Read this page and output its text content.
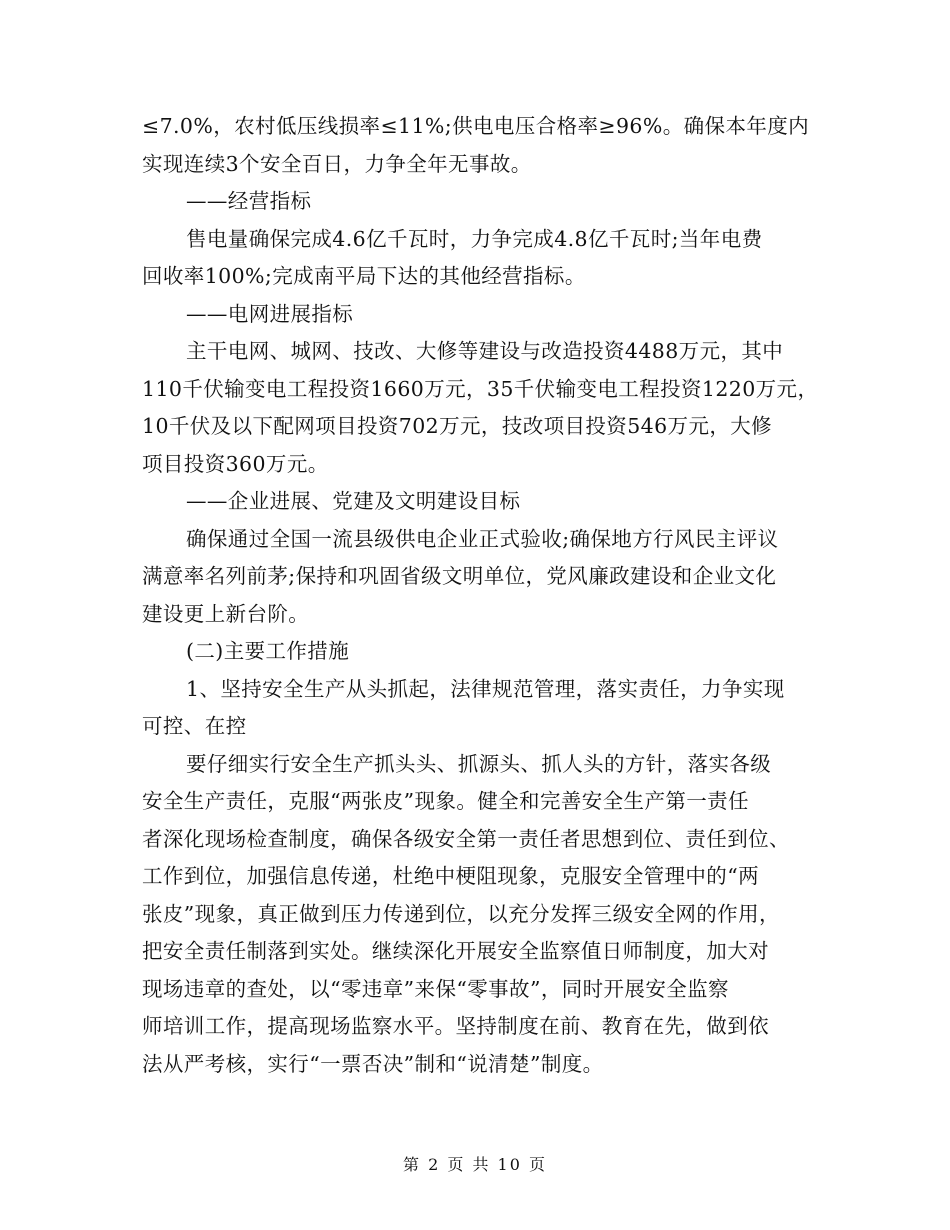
≤7.0%，农村低压线损率≤11%;供电电压合格率≥96%。确保本年度内

实现连续3个安全百日，力争全年无事故。

——经营指标

售电量确保完成4.6亿千瓦时，力争完成4.8亿千瓦时;当年电费

回收率100%;完成南平局下达的其他经营指标。

——电网进展指标

主干电网、城网、技改、大修等建设与改造投资4488万元，其中

110千伏输变电工程投资1660万元，35千伏输变电工程投资1220万元，

10千伏及以下配网项目投资702万元，技改项目投资546万元，大修

项目投资360万元。

——企业进展、党建及文明建设目标

确保通过全国一流县级供电企业正式验收;确保地方行风民主评议

满意率名列前茅;保持和巩固省级文明单位，党风廉政建设和企业文化

建设更上新台阶。

(二)主要工作措施

1、坚持安全生产从头抓起，法律规范管理，落实责任，力争实现

可控、在控

要仔细实行安全生产抓头头、抓源头、抓人头的方针，落实各级

安全生产责任，克服“两张皮”现象。健全和完善安全生产第一责任

者深化现场检查制度，确保各级安全第一责任者思想到位、责任到位、

工作到位，加强信息传递，杜绝中梗阻现象，克服安全管理中的“两

张皮”现象，真正做到压力传递到位，以充分发挥三级安全网的作用，

把安全责任制落到实处。继续深化开展安全监察值日师制度，加大对

现场违章的查处，以“零违章”来保“零事故”，同时开展安全监察

师培训工作，提高现场监察水平。坚持制度在前、教育在先，做到依

法从严考核，实行“一票否决”制和“说清楚”制度。

第 2 页 共 10 页
